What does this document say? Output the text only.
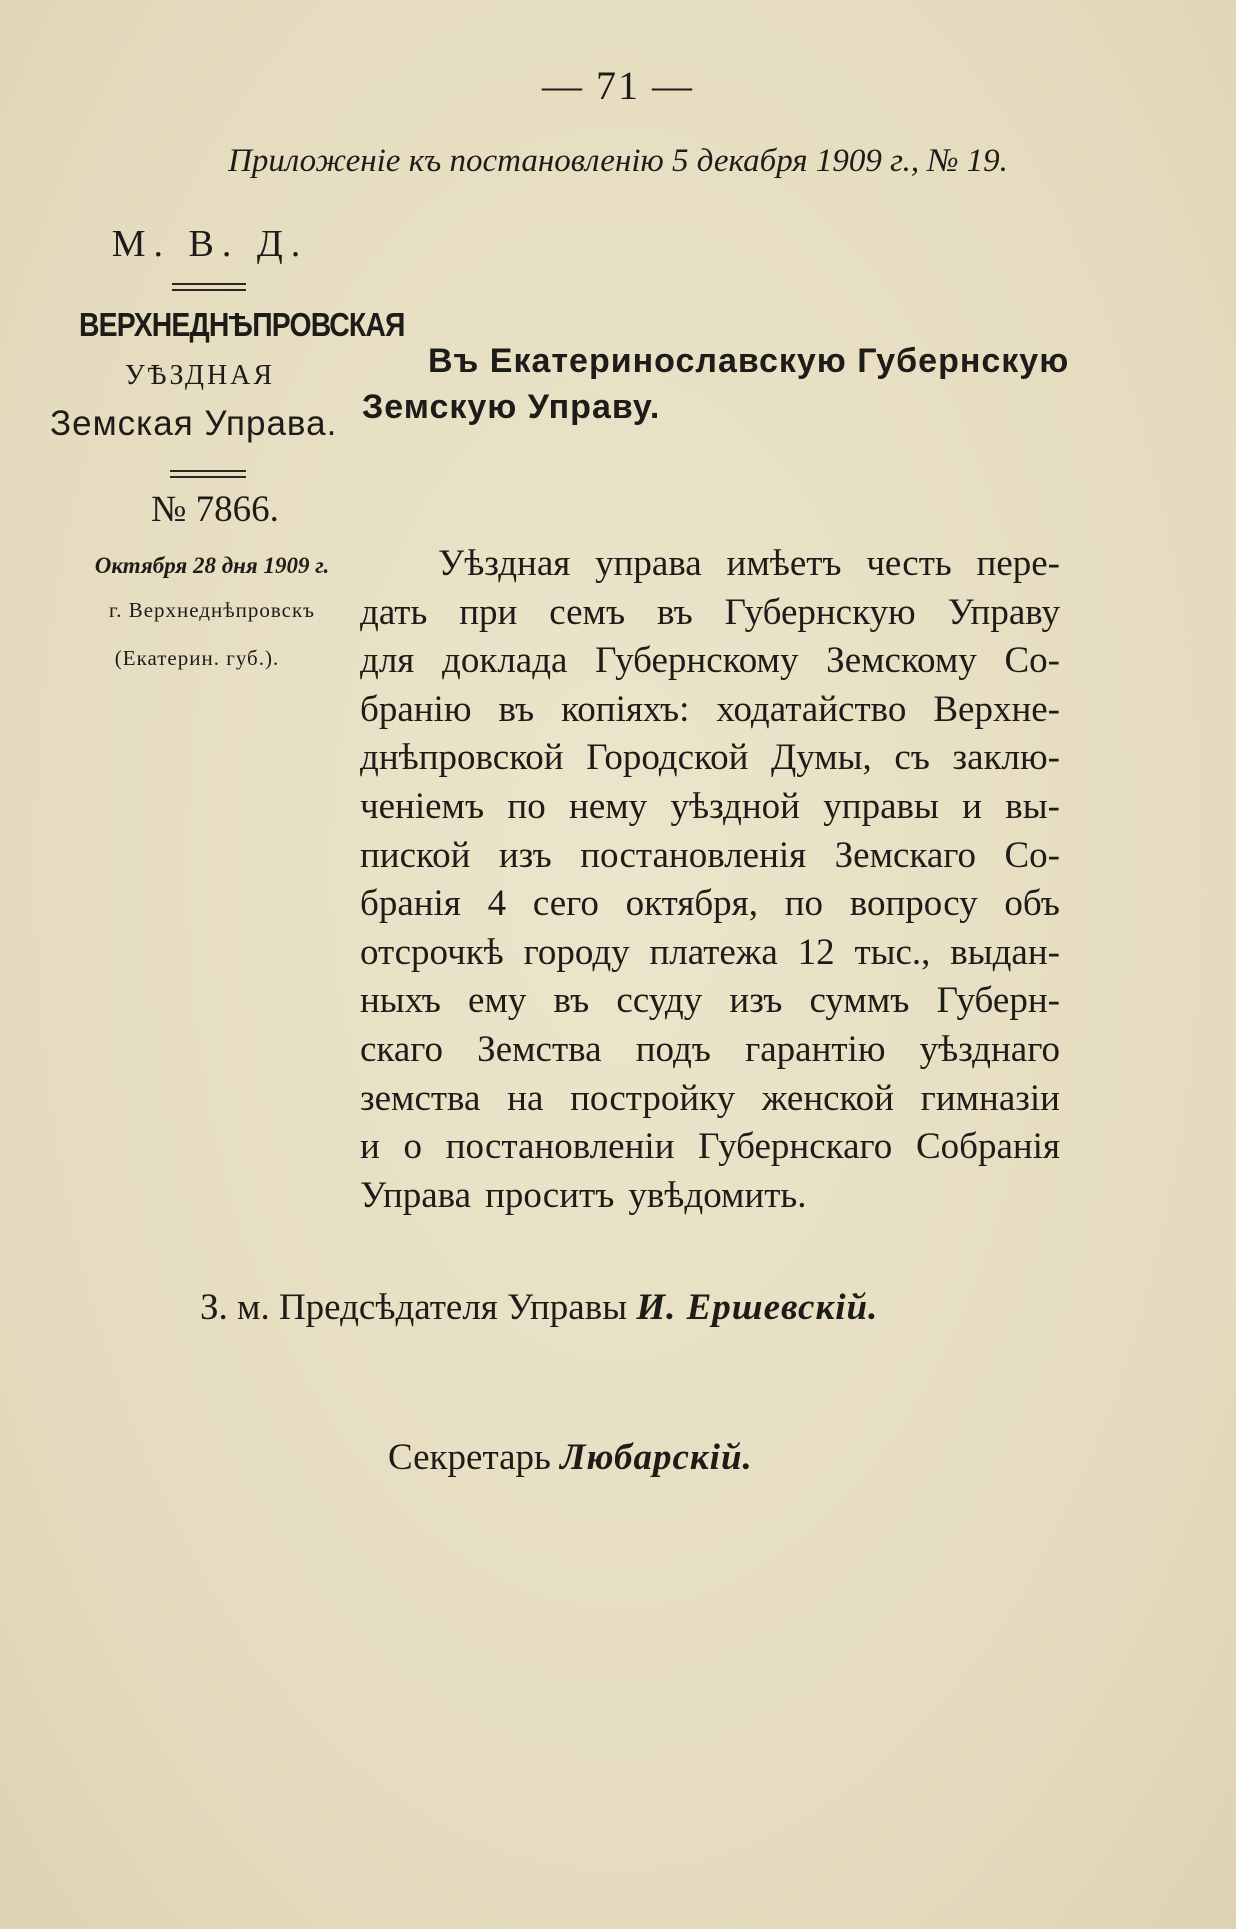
— 71 —
Приложеніе къ постановленію 5 декабря 1909 г., № 19.
М. В. Д.
ВЕРХНЕДНѢПРОВСКАЯ
УѢЗДНАЯ
Земская Управа.
№ 7866.
Октября 28 дня 1909 г.
г. Верхнеднѣпровскъ
(Екатерин. губ.).
Въ Екатеринославскую Губернскую
Земскую Управу.
Уѣздная управа имѣетъ честь пере-
дать при семъ въ Губернскую Управу
для доклада Губернскому Земскому Со-
бранію въ копіяхъ: ходатайство Верхне-
днѣпровской Городской Думы, съ заклю-
ченіемъ по нему уѣздной управы и вы-
пиской изъ постановленія Земскаго Со-
бранія 4 сего октября, по вопросу объ
отсрочкѣ городу платежа 12 тыс., выдан-
ныхъ ему въ ссуду изъ суммъ Губерн-
скаго Земства подъ гарантію уѣзднаго
земства на постройку женской гимназіи
и о постановленіи Губернскаго Собранія
Управа проситъ увѣдомить.
З. м. Предсѣдателя Управы И. Ершевскій.
Секретарь Любарскій.
